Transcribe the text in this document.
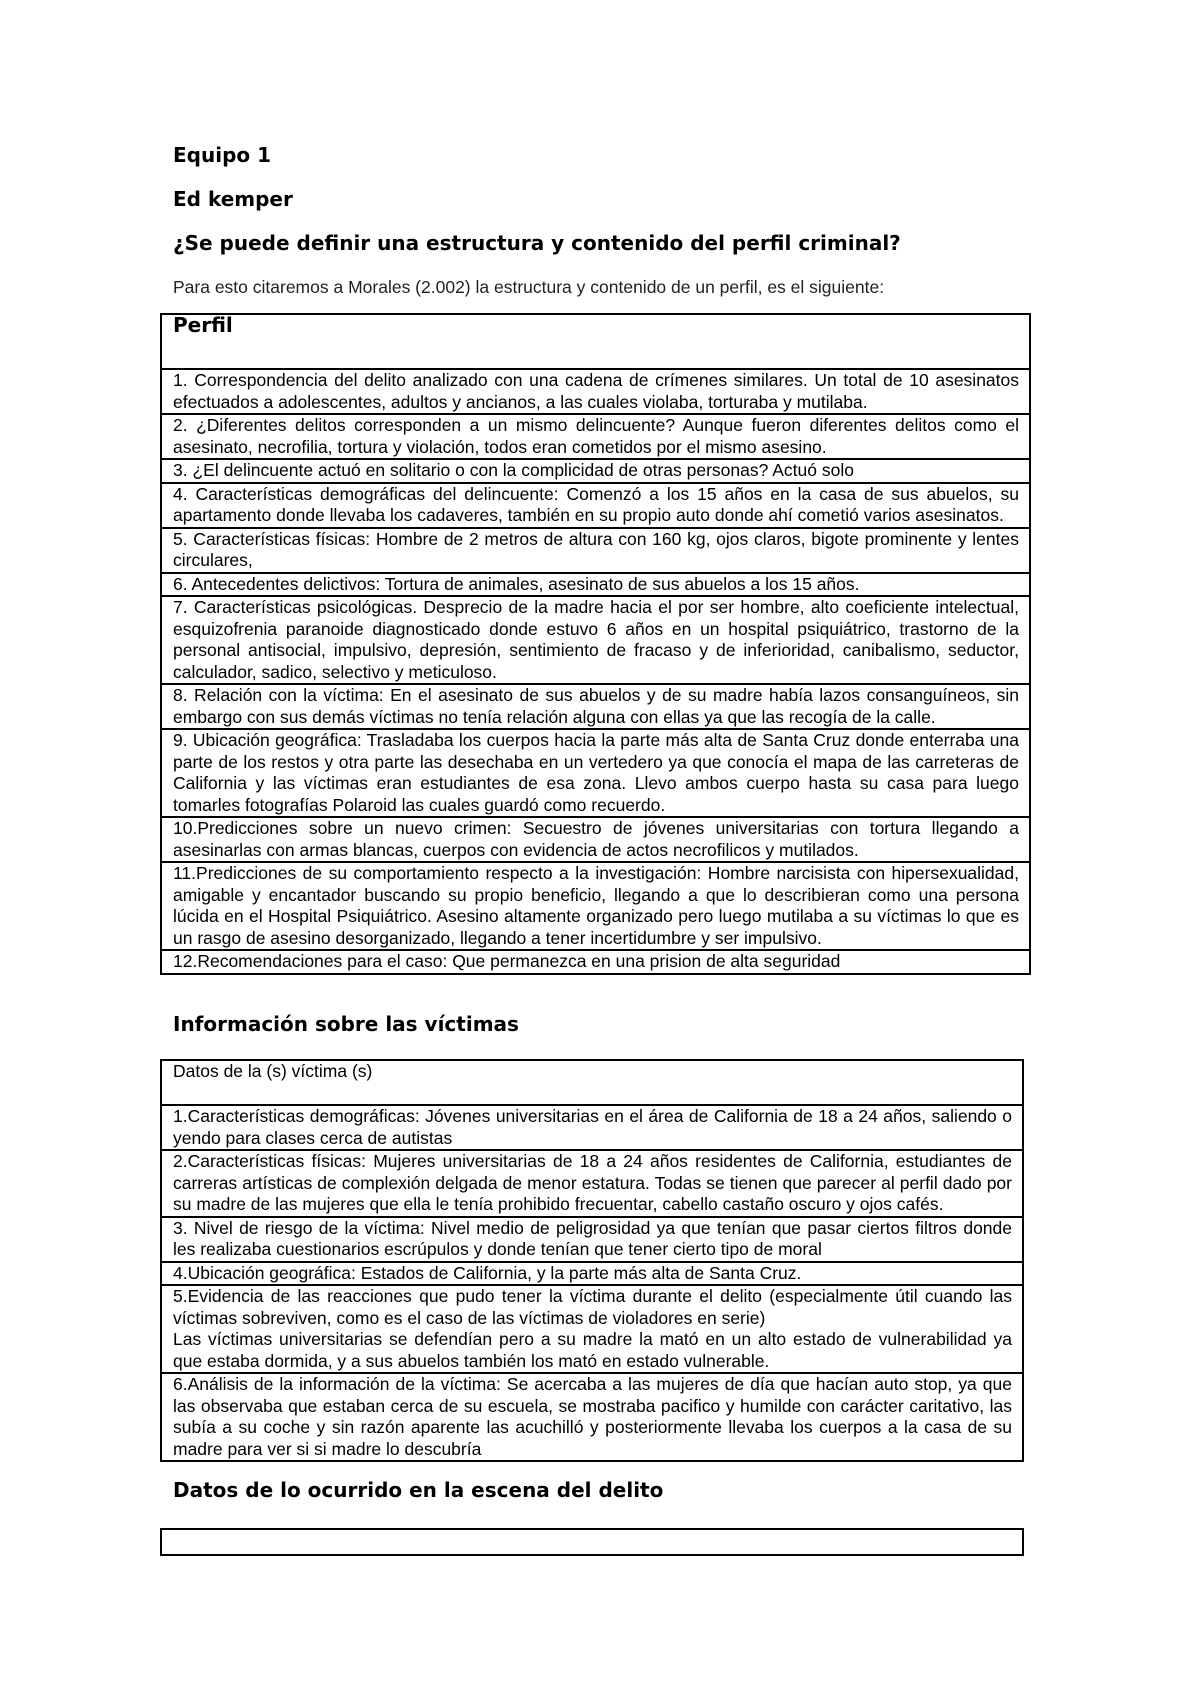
Equipo 1

Ed kemper

¿Se puede definir una estructura y contenido del perfil criminal?

Para esto citaremos a Morales (2.002) la estructura y contenido de un perfil, es el siguiente:

Perfil
1. Correspondencia del delito analizado con una cadena de crímenes similares. Un total de 10 asesinatos efectuados a adolescentes, adultos y ancianos, a las cuales violaba, torturaba y mutilaba.
2. ¿Diferentes delitos corresponden a un mismo delincuente? Aunque fueron diferentes delitos como el asesinato, necrofilia, tortura y violación, todos eran cometidos por el mismo asesino.
3. ¿El delincuente actuó en solitario o con la complicidad de otras personas? Actuó solo
4. Características demográficas del delincuente: Comenzó a los 15 años en la casa de sus abuelos, su apartamento donde llevaba los cadaveres, también en su propio auto donde ahí cometió varios asesinatos.
5. Características físicas: Hombre de 2 metros de altura con 160 kg, ojos claros, bigote prominente y lentes circulares,
6. Antecedentes delictivos: Tortura de animales, asesinato de sus abuelos a los 15 años.
7. Características psicológicas. Desprecio de la madre hacia el por ser hombre, alto coeficiente intelectual, esquizofrenia paranoide diagnosticado donde estuvo 6 años en un hospital psiquiátrico, trastorno de la personal antisocial, impulsivo, depresión, sentimiento de fracaso y de inferioridad, canibalismo, seductor, calculador, sadico, selectivo y meticuloso.
8. Relación con la víctima: En el asesinato de sus abuelos y de su madre había lazos consanguíneos, sin embargo con sus demás víctimas no tenía relación alguna con ellas ya que las recogía de la calle.
9. Ubicación geográfica: Trasladaba los cuerpos hacia la parte más alta de Santa Cruz donde enterraba una parte de los restos y otra parte las desechaba en un vertedero ya que conocía el mapa de las carreteras de California y las víctimas eran estudiantes de esa zona. Llevo ambos cuerpo hasta su casa para luego tomarles fotografías Polaroid las cuales guardó como recuerdo.
10.Predicciones sobre un nuevo crimen: Secuestro de jóvenes universitarias con tortura llegando a asesinarlas con armas blancas, cuerpos con evidencia de actos necrofilicos y mutilados.
11.Predicciones de su comportamiento respecto a la investigación: Hombre narcisista con hipersexualidad, amigable y encantador buscando su propio beneficio, llegando a que lo describieran como una persona lúcida en el Hospital Psiquiátrico. Asesino altamente organizado pero luego mutilaba a su víctimas lo que es un rasgo de asesino desorganizado, llegando a tener incertidumbre y ser impulsivo.
12.Recomendaciones para el caso: Que permanezca en una prision de alta seguridad

Información sobre las víctimas

Datos de la (s) víctima (s)

1.Características demográficas: Jóvenes universitarias en el área de California de 18 a 24 años, saliendo o yendo para clases cerca de autistas

2.Características físicas: Mujeres universitarias de 18 a 24 años residentes de California, estudiantes de carreras artísticas de complexión delgada de menor estatura. Todas se tienen que parecer al perfil dado por su madre de las mujeres que ella le tenía prohibido frecuentar, cabello castaño oscuro y ojos cafés.

3. Nivel de riesgo de la víctima: Nivel medio de peligrosidad ya que tenían que pasar ciertos filtros donde les realizaba cuestionarios escrúpulos y donde tenían que tener cierto tipo de moral

4.Ubicación geográfica: Estados de California, y la parte más alta de Santa Cruz.

5.Evidencia de las reacciones que pudo tener la víctima durante el delito (especialmente útil cuando las víctimas sobreviven, como es el caso de las víctimas de violadores en serie)
Las víctimas universitarias se defendían pero a su madre la mató en un alto estado de vulnerabilidad ya que estaba dormida, y a sus abuelos también los mató en estado vulnerable.

6.Análisis de la información de la víctima: Se acercaba a las mujeres de día que hacían auto stop, ya que las observaba que estaban cerca de su escuela, se mostraba pacifico y humilde con carácter caritativo, las subía a su coche y sin razón aparente las acuchilló y posteriormente llevaba los cuerpos a la casa de su madre para ver si si madre lo descubría

Datos de lo ocurrido en la escena del delito
